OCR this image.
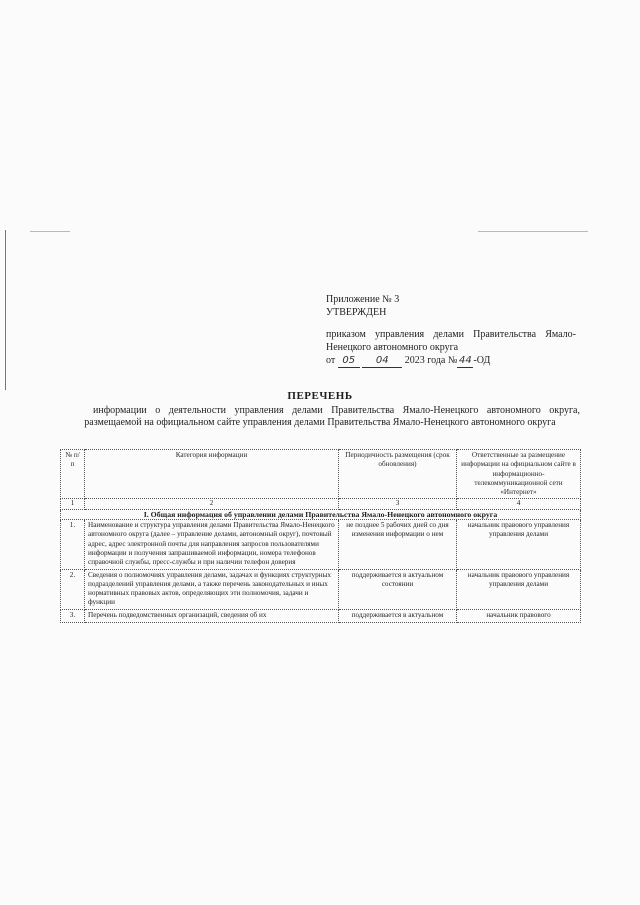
Приложение № 3
УТВЕРЖДЕН
приказом управления делами Правительства Ямало-
Ненецкого автономного округа
от 05 04 2023 года № 44 -ОД
ПЕРЕЧЕНЬ
информации о деятельности управления делами Правительства Ямало-Ненецкого автономного округа,
размещаемой на официальном сайте управления делами Правительства Ямало-Ненецкого автономного округа
№ п/п	Категория информации	Периодичность размещения (срок обновления)	Ответственные за размещение информации на официальном сайте в информационно-телекоммуникационной сети «Интернет»
1	2	3	4
I. Общая информация об управлении делами Правительства Ямало-Ненецкого автономного округа			
1.	Наименование и структура управления делами Правительства Ямало-Ненецкого автономного округа (далее – управление делами, автономный округ), почтовый адрес, адрес электронной почты для направления запросов пользователями информации и получения запрашиваемой информации, номера телефонов справочной службы, пресс-службы и при наличии телефон доверия	не позднее 5 рабочих дней со дня изменения информации о нем	начальник правового управления управления делами
2.	Сведения о полномочиях управления делами, задачах и функциях структурных подразделений управления делами, а также перечень законодательных и иных нормативных правовых актов, определяющих эти полномочия, задачи и функции	поддерживается в актуальном состоянии	начальник правового управления управления делами

3.	Перечень подведомственных организаций, сведения об их	поддерживается в актуальном	начальник правового
